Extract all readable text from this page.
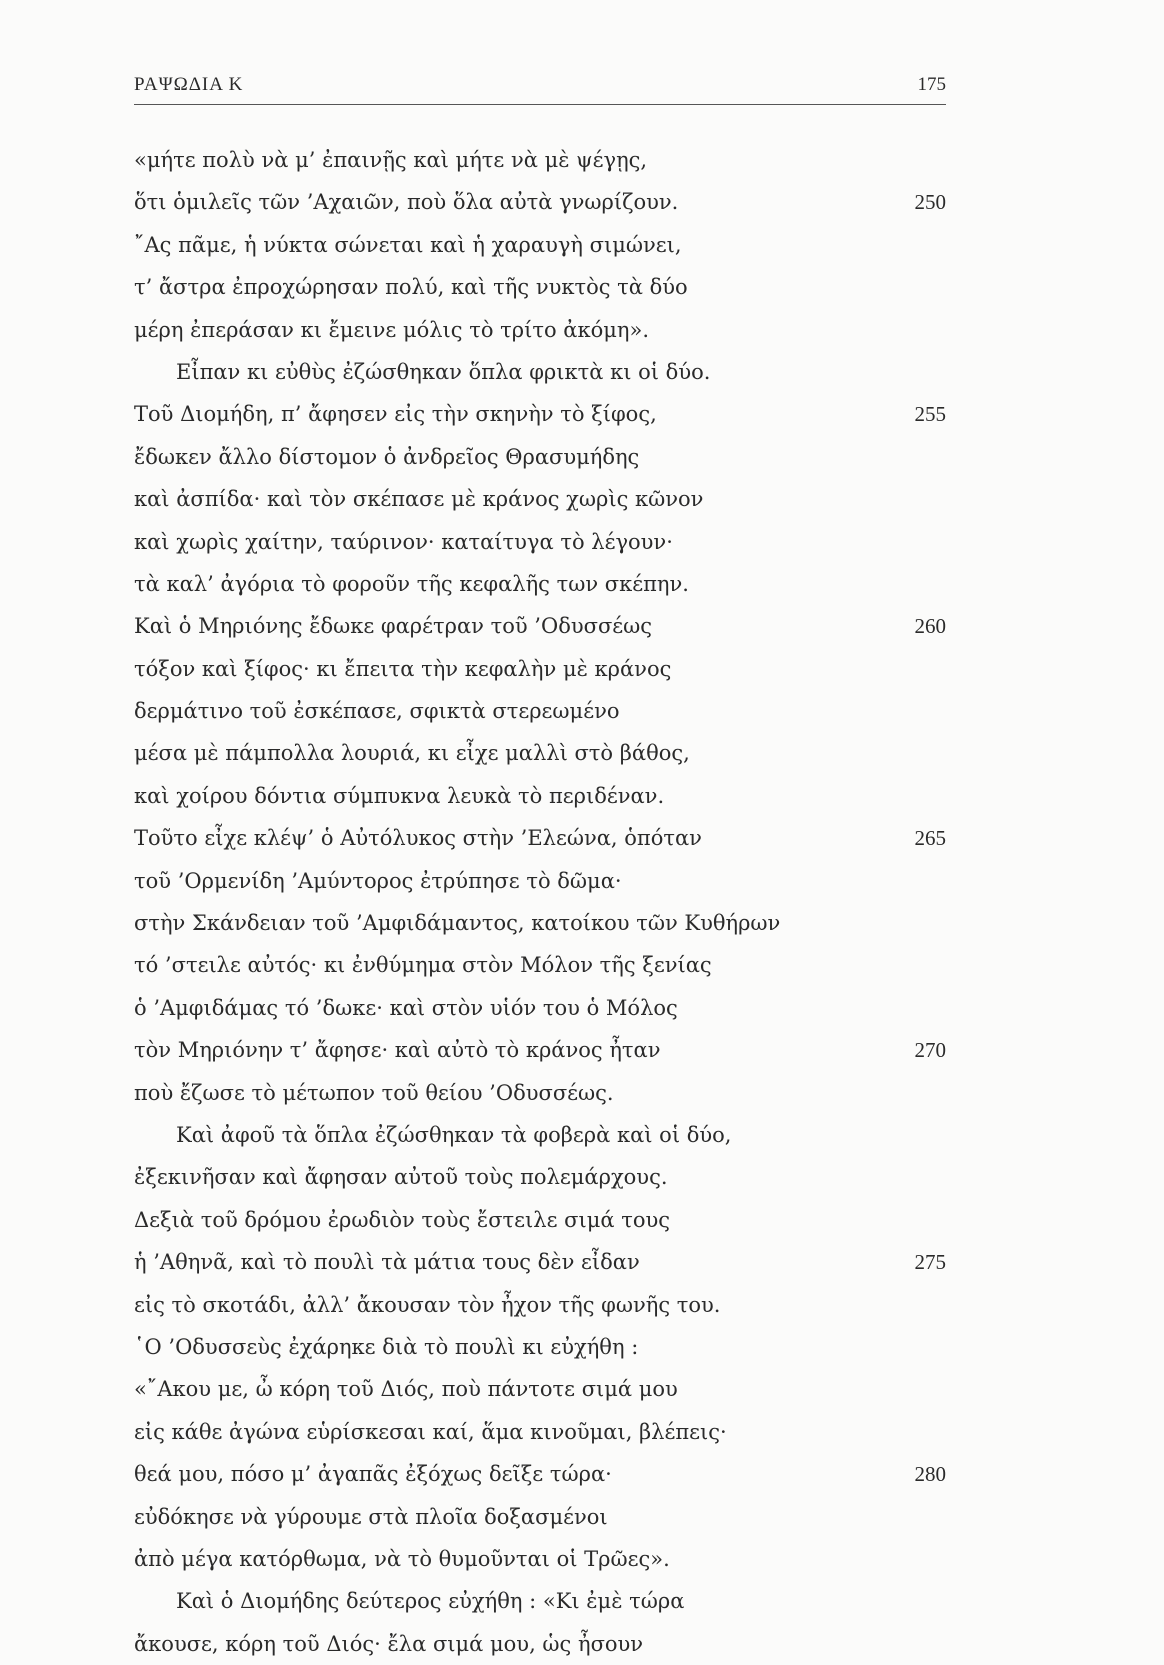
ΡΑΨΩΔΙΑ Κ	175
«μήτε πολὺ νὰ μ’ ἐπαινῇς καὶ μήτε νὰ μὲ ψέγῃς,
ὅτι ὁμιλεῖς τῶν ’Αχαιῶν, ποὺ ὅλα αὐτὰ γνωρίζουν.	250
῎Ας πᾶμε, ἡ νύκτα σώνεται καὶ ἡ χαραυγὴ σιμώνει,
τ’ ἄστρα ἐπροχώρησαν πολύ, καὶ τῆς νυκτὸς τὰ δύο
μέρη ἐπεράσαν κι ἔμεινε μόλις τὸ τρίτο ἀκόμη».
Εἶπαν κι εὐθὺς ἐζώσθηκαν ὅπλα φρικτὰ κι οἱ δύο.
Τοῦ Διομήδη, π’ ἄφησεν εἰς τὴν σκηνὴν τὸ ξίφος,	255
ἔδωκεν ἄλλο δίστομον ὁ ἀνδρεῖος Θρασυμήδης
καὶ ἀσπίδα· καὶ τὸν σκέπασε μὲ κράνος χωρὶς κῶνον
καὶ χωρὶς χαίτην, ταύρινον· καταίτυγα τὸ λέγουν·
τὰ καλ’ ἀγόρια τὸ φοροῦν τῆς κεφαλῆς των σκέπην.
Καὶ ὁ Μηριόνης ἔδωκε φαρέτραν τοῦ ’Οδυσσέως	260
τόξον καὶ ξίφος· κι ἔπειτα τὴν κεφαλὴν μὲ κράνος
δερμάτινο τοῦ ἐσκέπασε, σφικτὰ στερεωμένο
μέσα μὲ πάμπολλα λουριά, κι εἶχε μαλλὶ στὸ βάθος,
καὶ χοίρου δόντια σύμπυκνα λευκὰ τὸ περιδέναν.
Τοῦτο εἶχε κλέψ’ ὁ Αὐτόλυκος στὴν ’Ελεώνα, ὁπόταν	265
τοῦ ’Ορμενίδη ’Αμύντορος ἐτρύπησε τὸ δῶμα·
στὴν Σκάνδειαν τοῦ ’Αμφιδάμαντος, κατοίκου τῶν Κυθήρων
τό ’στειλε αὐτός· κι ἐνθύμημα στὸν Μόλον τῆς ξενίας
ὁ ’Αμφιδάμας τό ’δωκε· καὶ στὸν υἱόν του ὁ Μόλος
τὸν Μηριόνην τ’ ἄφησε· καὶ αὐτὸ τὸ κράνος ἦταν	270
ποὺ ἔζωσε τὸ μέτωπον τοῦ θείου ’Οδυσσέως.
Καὶ ἀφοῦ τὰ ὅπλα ἐζώσθηκαν τὰ φοβερὰ καὶ οἱ δύο,
ἐξεκινῆσαν καὶ ἄφησαν αὐτοῦ τοὺς πολεμάρχους.
Δεξιὰ τοῦ δρόμου ἐρωδιὸν τοὺς ἔστειλε σιμά τους
ἡ ’Αθηνᾶ, καὶ τὸ πουλὶ τὰ μάτια τους δὲν εἶδαν	275
εἰς τὸ σκοτάδι, ἀλλ’ ἄκουσαν τὸν ἦχον τῆς φωνῆς του.
῾Ο ’Οδυσσεὺς ἐχάρηκε διὰ τὸ πουλὶ κι εὐχήθη :
«῎Ακου με, ὦ κόρη τοῦ Διός, ποὺ πάντοτε σιμά μου
εἰς κάθε ἀγώνα εὑρίσκεσαι καί, ἅμα κινοῦμαι, βλέπεις·
θεά μου, πόσο μ’ ἀγαπᾶς ἐξόχως δεῖξε τώρα·	280
εὐδόκησε νὰ γύρουμε στὰ πλοῖα δοξασμένοι
ἀπὸ μέγα κατόρθωμα, νὰ τὸ θυμοῦνται οἱ Τρῶες».
Καὶ ὁ Διομήδης δεύτερος εὐχήθη : «Κι ἐμὲ τώρα
ἄκουσε, κόρη τοῦ Διός· ἔλα σιμά μου, ὡς ἦσουν
